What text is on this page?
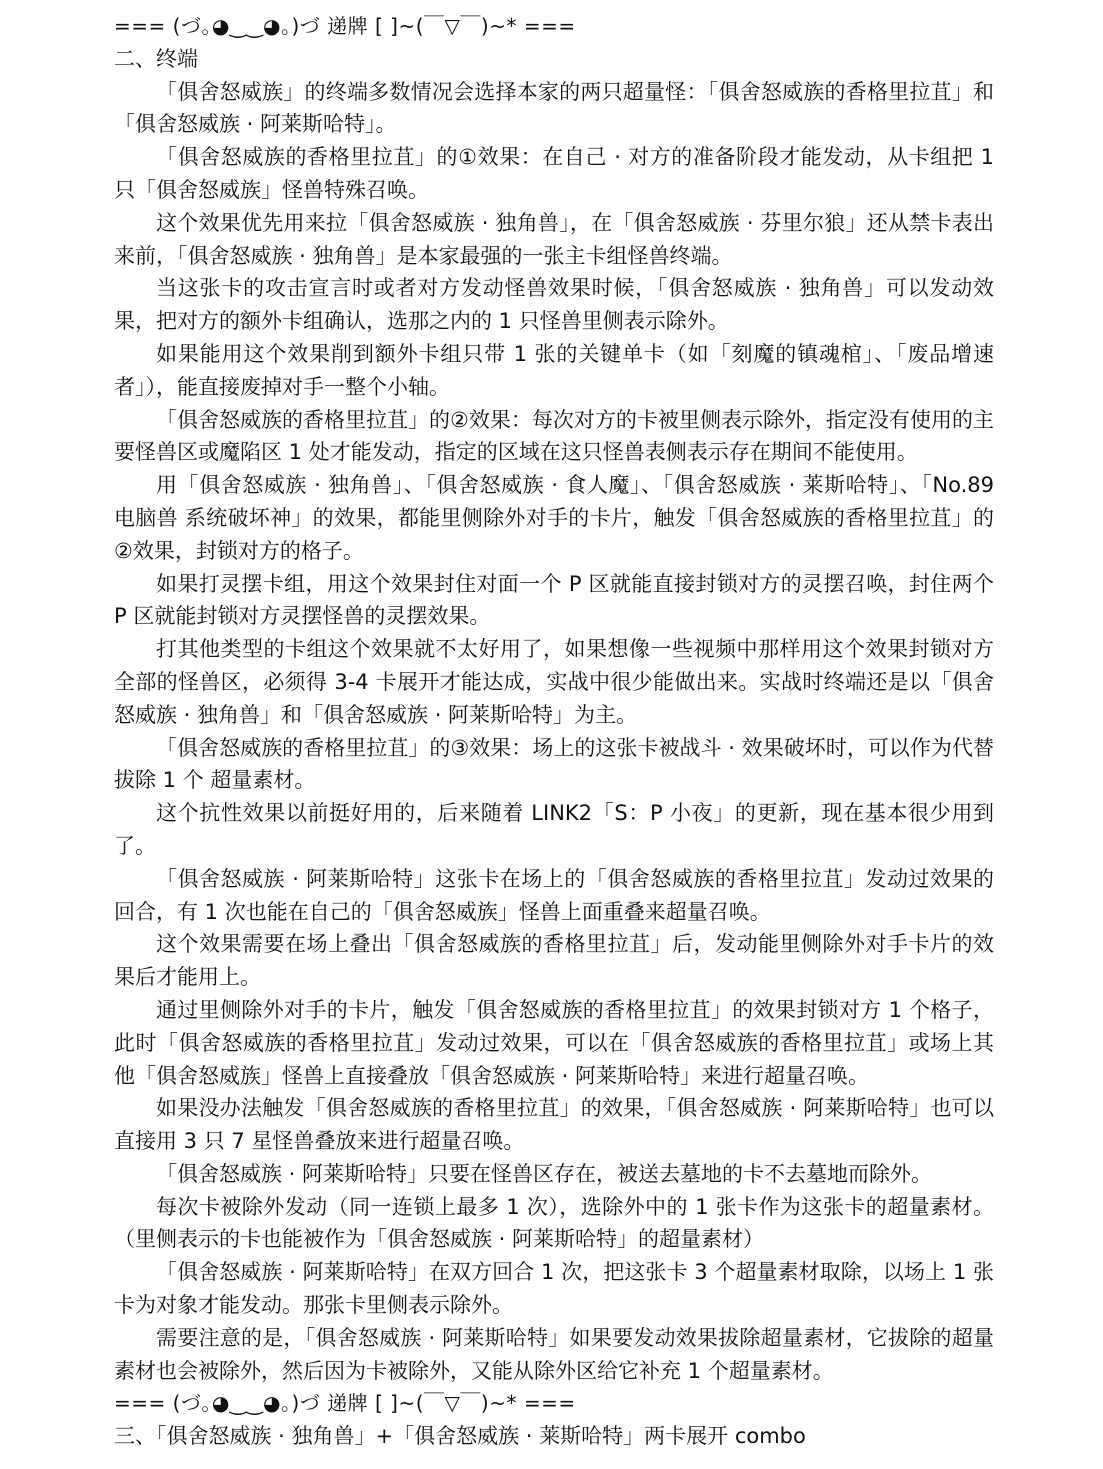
=== (づ｡◕‿‿◕｡)づ 递牌 [ ]~(￣▽￣)~* ===
二、终端

「俱舍怒威族」的终端多数情况会选择本家的两只超量怪：「俱舍怒威族的香格里拉苴」和「俱舍怒威族 · 阿莱斯哈特」。

「俱舍怒威族的香格里拉苴」的①效果：在自己 · 对方的准备阶段才能发动，从卡组把 1 只「俱舍怒威族」怪兽特殊召唤。

这个效果优先用来拉「俱舍怒威族 · 独角兽」，在「俱舍怒威族 · 芬里尔狼」还从禁卡表出来前，「俱舍怒威族 · 独角兽」是本家最强的一张主卡组怪兽终端。

当这张卡的攻击宣言时或者对方发动怪兽效果时候，「俱舍怒威族 · 独角兽」可以发动效果，把对方的额外卡组确认，选那之内的 1 只怪兽里侧表示除外。

如果能用这个效果削到额外卡组只带 1 张的关键单卡（如「刻魔的镇魂棺」、「废品增速者」），能直接废掉对手一整个小轴。

「俱舍怒威族的香格里拉苴」的②效果：每次对方的卡被里侧表示除外，指定没有使用的主要怪兽区或魔陷区 1 处才能发动，指定的区域在这只怪兽表侧表示存在期间不能使用。

用「俱舍怒威族 · 独角兽」、「俱舍怒威族 · 食人魔」、「俱舍怒威族 · 莱斯哈特」、「No.89 电脑兽 系统破坏神」的效果，都能里侧除外对手的卡片，触发「俱舍怒威族的香格里拉苴」的②效果，封锁对方的格子。

如果打灵摆卡组，用这个效果封住对面一个 P 区就能直接封锁对方的灵摆召唤，封住两个 P 区就能封锁对方灵摆怪兽的灵摆效果。

打其他类型的卡组这个效果就不太好用了，如果想像一些视频中那样用这个效果封锁对方全部的怪兽区，必须得 3-4 卡展开才能达成，实战中很少能做出来。实战时终端还是以「俱舍怒威族 · 独角兽」和「俱舍怒威族 · 阿莱斯哈特」为主。

「俱舍怒威族的香格里拉苴」的③效果：场上的这张卡被战斗 · 效果破坏时，可以作为代替拔除 1 个 超量素材。

这个抗性效果以前挺好用的，后来随着 LINK2「S：P 小夜」的更新，现在基本很少用到了。

「俱舍怒威族 · 阿莱斯哈特」这张卡在场上的「俱舍怒威族的香格里拉苴」发动过效果的回合，有 1 次也能在自己的「俱舍怒威族」怪兽上面重叠来超量召唤。

这个效果需要在场上叠出「俱舍怒威族的香格里拉苴」后，发动能里侧除外对手卡片的效果后才能用上。

通过里侧除外对手的卡片，触发「俱舍怒威族的香格里拉苴」的效果封锁对方 1 个格子，此时「俱舍怒威族的香格里拉苴」发动过效果，可以在「俱舍怒威族的香格里拉苴」或场上其他「俱舍怒威族」怪兽上直接叠放「俱舍怒威族 · 阿莱斯哈特」来进行超量召唤。

如果没办法触发「俱舍怒威族的香格里拉苴」的效果，「俱舍怒威族 · 阿莱斯哈特」也可以直接用 3 只 7 星怪兽叠放来进行超量召唤。

「俱舍怒威族 · 阿莱斯哈特」只要在怪兽区存在，被送去墓地的卡不去墓地而除外。

每次卡被除外发动（同一连锁上最多 1 次），选除外中的 1 张卡作为这张卡的超量素材。（里侧表示的卡也能被作为「俱舍怒威族 · 阿莱斯哈特」的超量素材）

「俱舍怒威族 · 阿莱斯哈特」在双方回合 1 次，把这张卡 3 个超量素材取除，以场上 1 张卡为对象才能发动。那张卡里侧表示除外。

需要注意的是，「俱舍怒威族 · 阿莱斯哈特」如果要发动效果拔除超量素材，它拔除的超量素材也会被除外，然后因为卡被除外，又能从除外区给它补充 1 个超量素材。

=== (づ｡◕‿‿◕｡)づ 递牌 [ ]~(￣▽￣)~* ===
三、「俱舍怒威族 · 独角兽」+「俱舍怒威族 · 莱斯哈特」两卡展开 combo
